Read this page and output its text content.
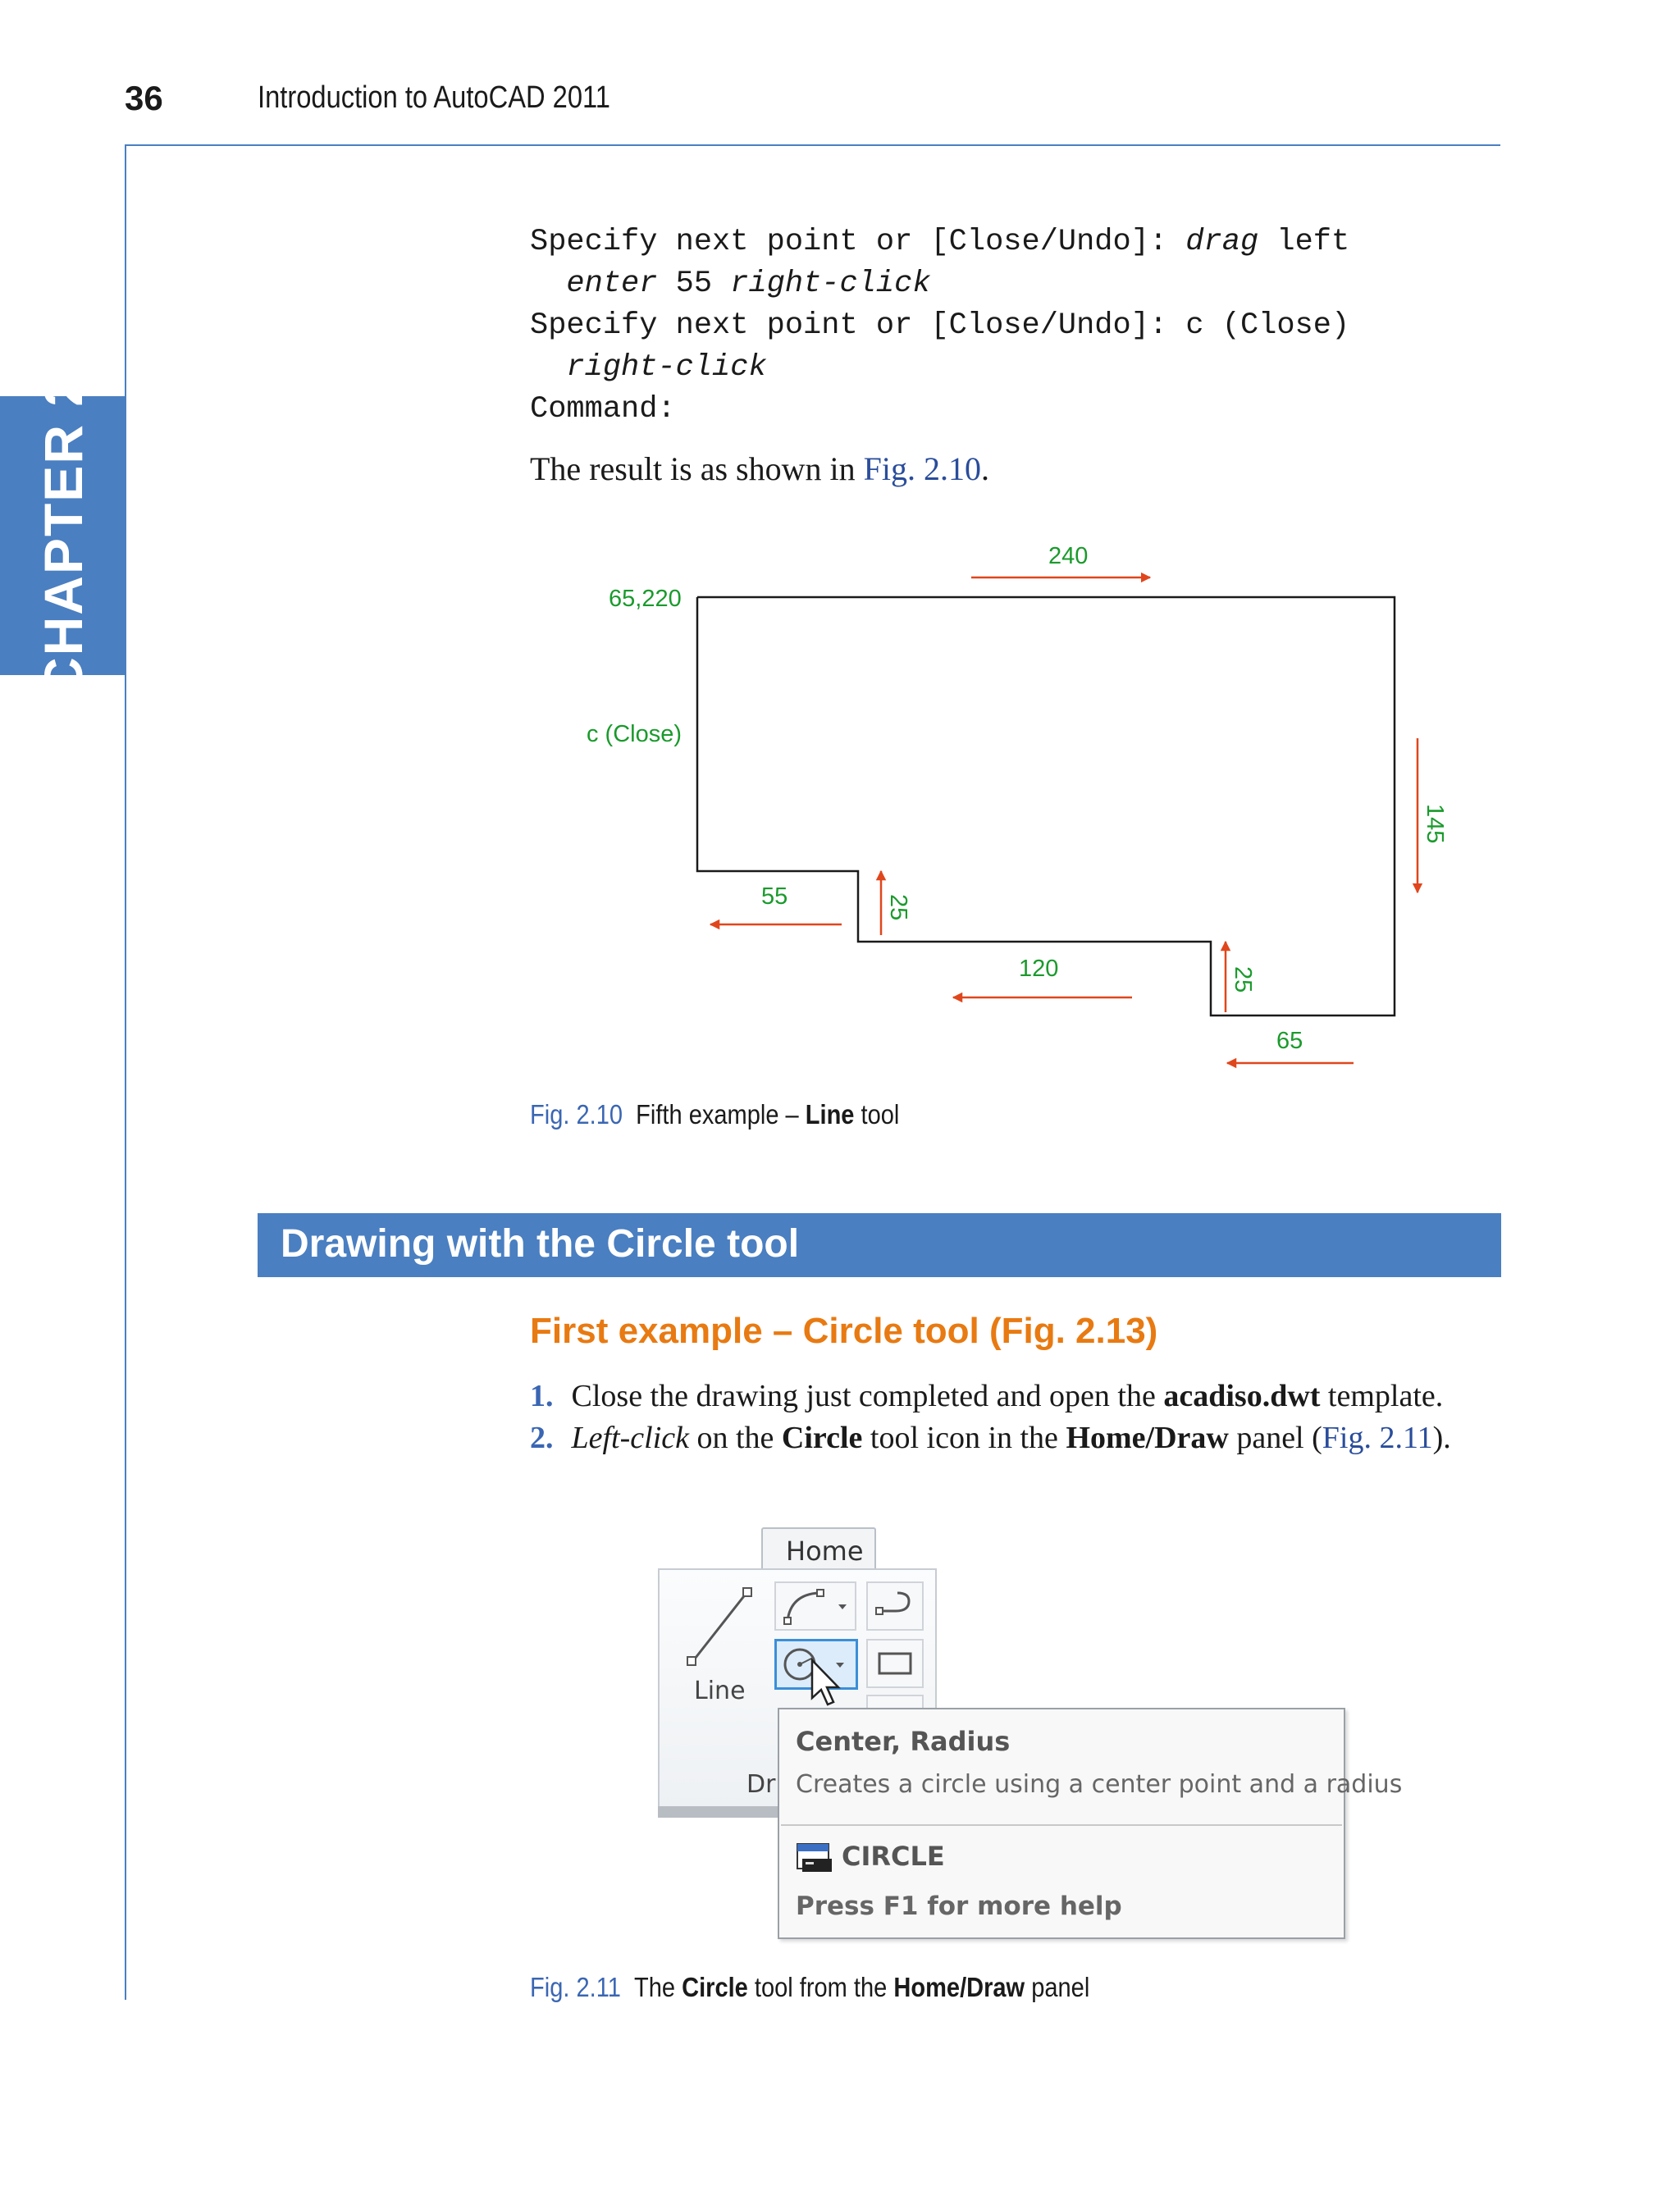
36	Introduction to AutoCAD 2011
CHAPTER 2
Specify next point or [Close/Undo]: drag left
enter 55 right-click
Specify next point or [Close/Undo]: c (Close)
right-click
Command:
The result is as shown in Fig. 2.10.
240
65,220
c (Close)
145
55	25
120	25
65
Fig. 2.10 Fifth example – Line tool
Drawing with the Circle tool
First example – Circle tool (Fig. 2.13)
1. Close the drawing just completed and open the acadiso.dwt template.
2. Left-click on the Circle tool icon in the Home/Draw panel (Fig. 2.11).
Home
Line
Dr
Center, Radius
Creates a circle using a center point and a radius
CIRCLE
Press F1 for more help
Fig. 2.11 The Circle tool from the Home/Draw panel
